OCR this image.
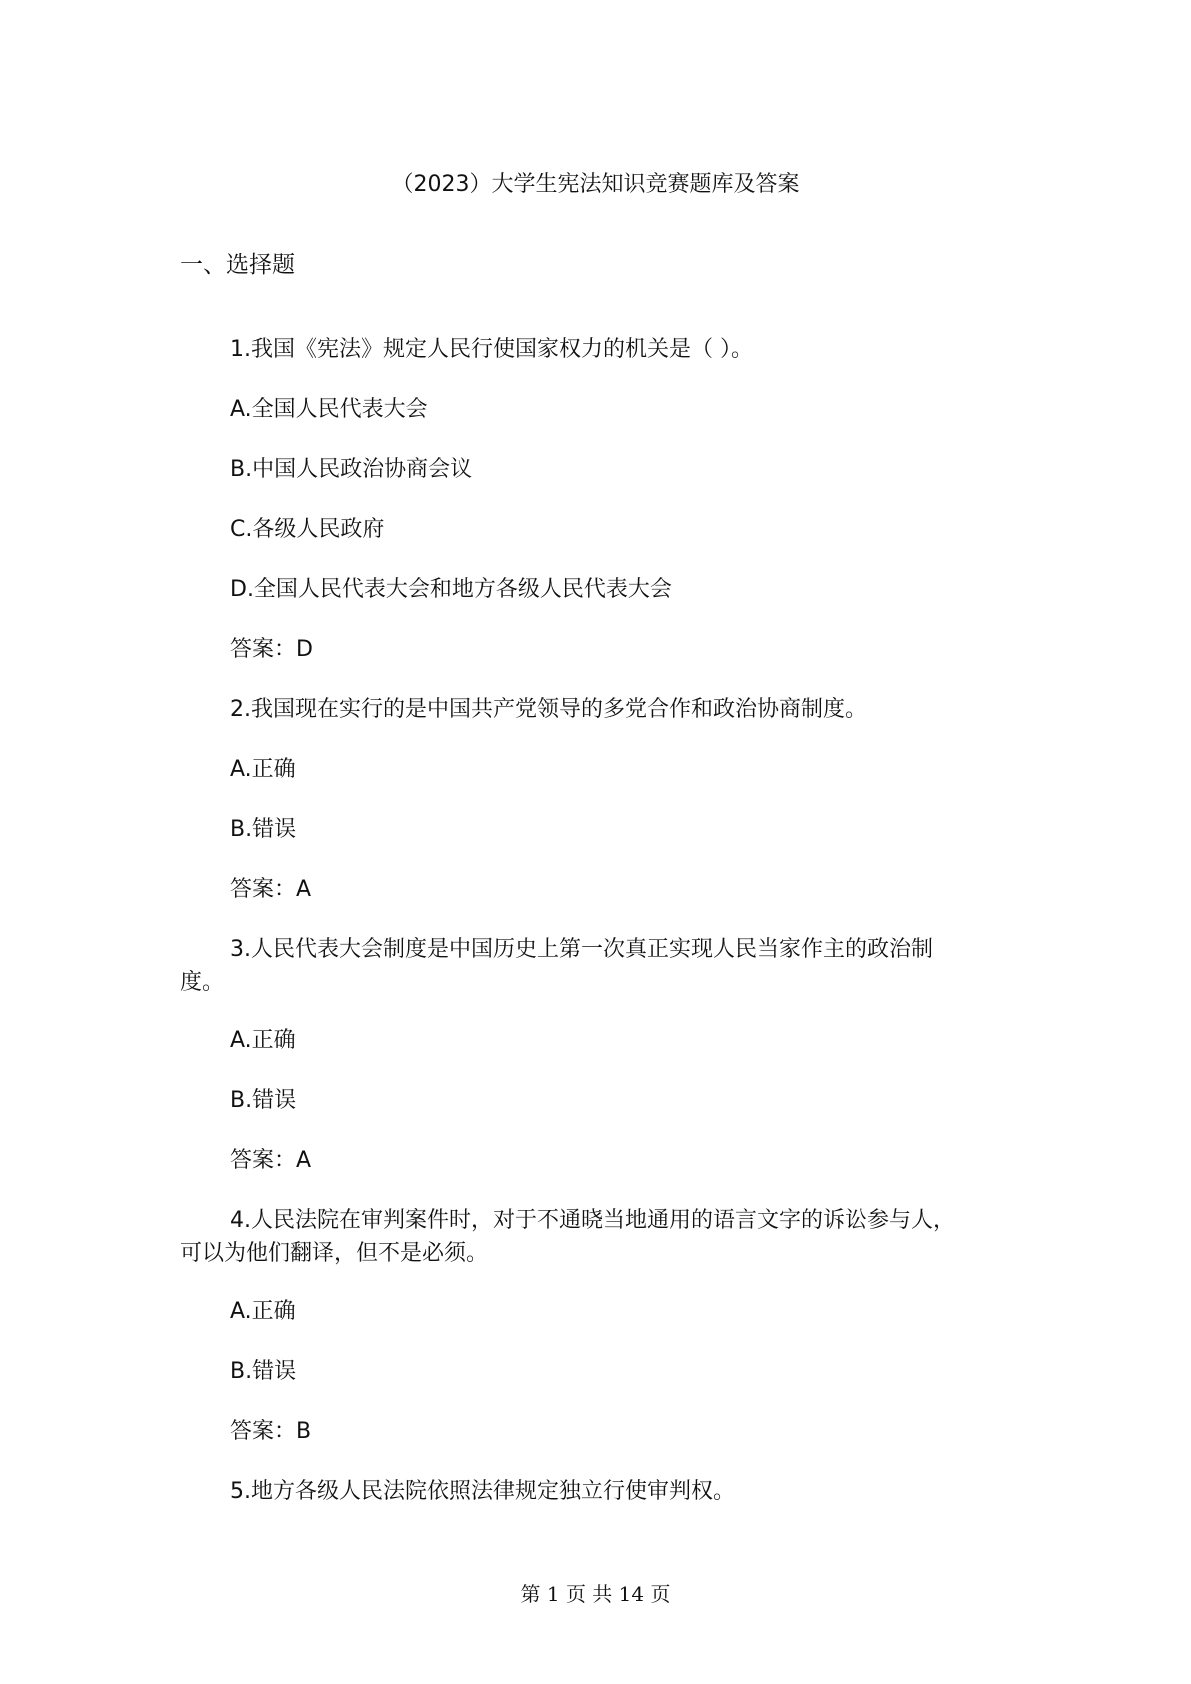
（2023）大学生宪法知识竞赛题库及答案

一、选择题

1.我国《宪法》规定人民行使国家权力的机关是（ ）。

A.全国人民代表大会

B.中国人民政治协商会议

C.各级人民政府

D.全国人民代表大会和地方各级人民代表大会

答案：D

2.我国现在实行的是中国共产党领导的多党合作和政治协商制度。

A.正确

B.错误

答案：A

3.人民代表大会制度是中国历史上第一次真正实现人民当家作主的政治制

度。

A.正确

B.错误

答案：A

4.人民法院在审判案件时，对于不通晓当地通用的语言文字的诉讼参与人，

可以为他们翻译，但不是必须。

A.正确

B.错误

答案：B

5.地方各级人民法院依照法律规定独立行使审判权。

第 1 页 共 14 页
